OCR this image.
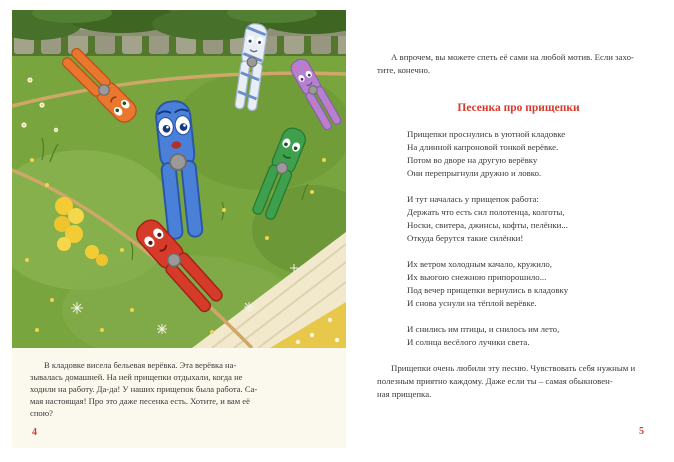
В кладовке висела бельевая верёвка. Эта верёвка на-
зывалась домашней. На ней прищепки отдыхали, когда не
ходили на работу. Да-да! У наших прищепок была работа. Са-
мая настоящая! Про это даже песенка есть. Хотите, и вам её
спою?
4
А впрочем, вы можете спеть её сами на любой мотив. Если захо-
тите, конечно.
Песенка про прищепки
Прищепки проснулись в уютной кладовке
На длинной капроновой тонкой верёвке.
Потом во дворе на другую верёвку
Они перепрыгнули дружно и ловко.
И тут началась у прищепок работа:
Держать что есть сил полотенца, колготы,
Носки, свитера, джинсы, кофты, пелёнки...
Откуда берутся такие силёнки!
Их ветром холодным качало, кружило,
Их вьюгою снежною припорошило...
Под вечер прищепки вернулись в кладовку
И снова уснули на тёплой верёвке.
И снились им птицы, и снилось им лето,
И солнца весёлого лучики света.
Прищепки очень любили эту песню. Чувствовать себя нужным и
полезным приятно каждому. Даже если ты – самая обыкновен-
ная прищепка.
5
